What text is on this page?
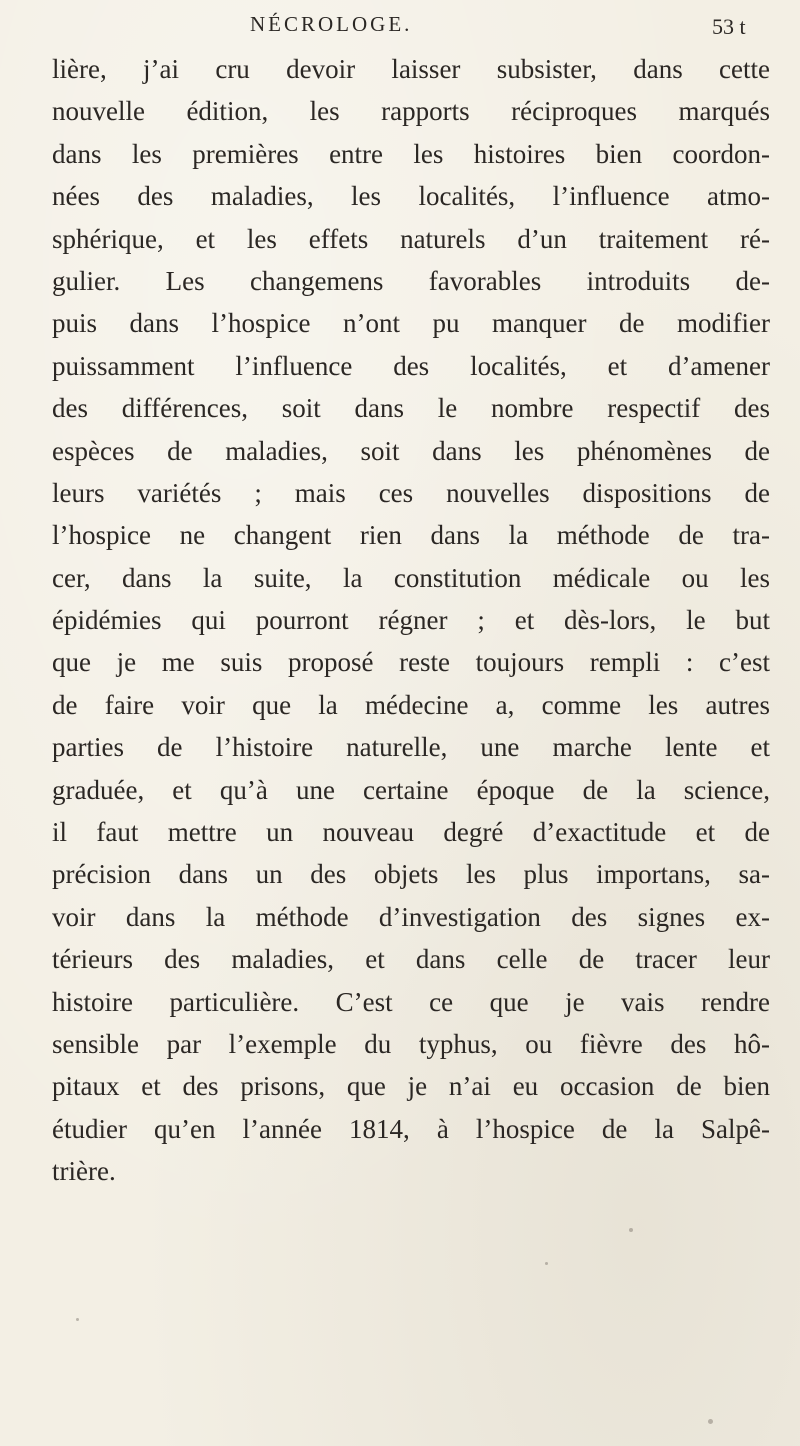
NÉCROLOGE.	53 t
lière, j’ai cru devoir laisser subsister, dans cette
nouvelle édition, les rapports réciproques marqués
dans les premières entre les histoires bien coordon-
nées des maladies, les localités, l’influence atmo-
sphérique, et les effets naturels d’un traitement ré-
gulier. Les changemens favorables introduits de-
puis dans l’hospice n’ont pu manquer de modifier
puissamment l’influence des localités, et d’amener
des différences, soit dans le nombre respectif des
espèces de maladies, soit dans les phénomènes de
leurs variétés ; mais ces nouvelles dispositions de
l’hospice ne changent rien dans la méthode de tra-
cer, dans la suite, la constitution médicale ou les
épidémies qui pourront régner ; et dès-lors, le but
que je me suis proposé reste toujours rempli : c’est
de faire voir que la médecine a, comme les autres
parties de l’histoire naturelle, une marche lente et
graduée, et qu’à une certaine époque de la science,
il faut mettre un nouveau degré d’exactitude et de
précision dans un des objets les plus importans, sa-
voir dans la méthode d’investigation des signes ex-
térieurs des maladies, et dans celle de tracer leur
histoire particulière. C’est ce que je vais rendre
sensible par l’exemple du typhus, ou fièvre des hô-
pitaux et des prisons, que je n’ai eu occasion de bien
étudier qu’en l’année 1814, à l’hospice de la Salpê-
trière.
